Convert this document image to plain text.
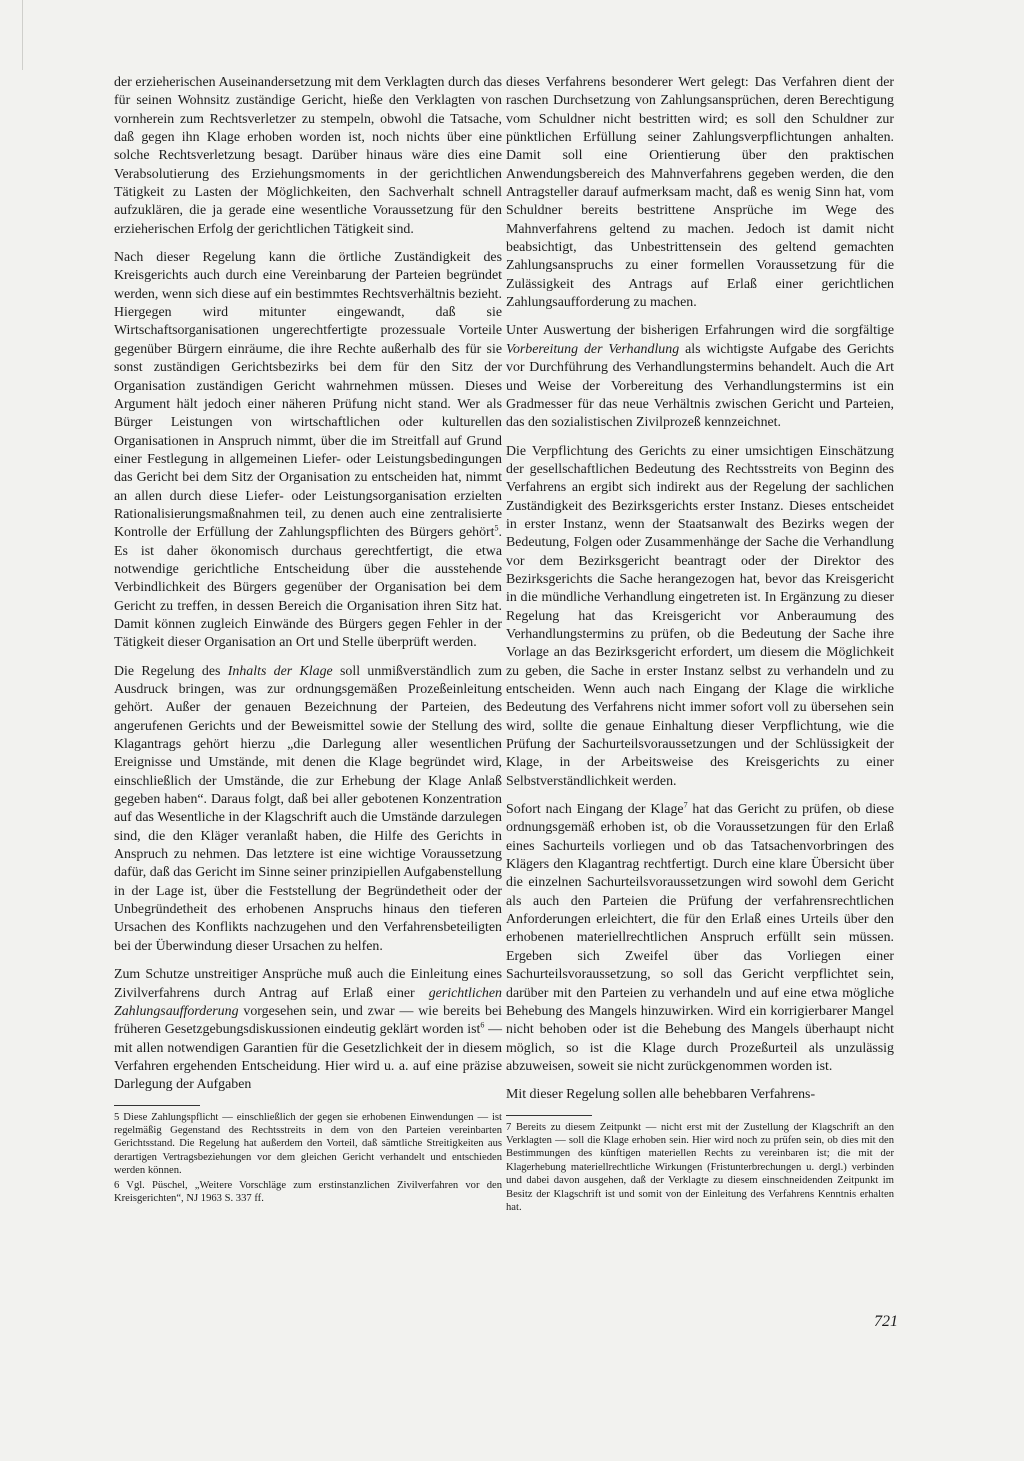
der erzieherischen Auseinandersetzung mit dem Verklagten durch das für seinen Wohnsitz zuständige Gericht, hieße den Verklagten von vornherein zum Rechtsverletzer zu stempeln, obwohl die Tatsache, daß gegen ihn Klage erhoben worden ist, noch nichts über eine solche Rechtsverletzung besagt. Darüber hinaus wäre dies eine Verabsolutierung des Erziehungsmoments in der gerichtlichen Tätigkeit zu Lasten der Möglichkeiten, den Sachverhalt schnell aufzuklären, die ja gerade eine wesentliche Voraussetzung für den erzieherischen Erfolg der gerichtlichen Tätigkeit sind.

Nach dieser Regelung kann die örtliche Zuständigkeit des Kreisgerichts auch durch eine Vereinbarung der Parteien begründet werden, wenn sich diese auf ein bestimmtes Rechtsverhältnis bezieht. Hiergegen wird mitunter eingewandt, daß sie Wirtschaftsorganisationen ungerechtfertigte prozessuale Vorteile gegenüber Bürgern einräume, die ihre Rechte außerhalb des für sie sonst zuständigen Gerichtsbezirks bei dem für den Sitz der Organisation zuständigen Gericht wahrnehmen müssen. Dieses Argument hält jedoch einer näheren Prüfung nicht stand. Wer als Bürger Leistungen von wirtschaftlichen oder kulturellen Organisationen in Anspruch nimmt, über die im Streitfall auf Grund einer Festlegung in allgemeinen Liefer- oder Leistungsbedingungen das Gericht bei dem Sitz der Organisation zu entscheiden hat, nimmt an allen durch diese Liefer- oder Leistungsorganisation erzielten Rationalisierungsmaßnahmen teil, zu denen auch eine zentralisierte Kontrolle der Erfüllung der Zahlungspflichten des Bürgers gehört$^5$. Es ist daher ökonomisch durchaus gerechtfertigt, die etwa notwendige gerichtliche Entscheidung über die ausstehende Verbindlichkeit des Bürgers gegenüber der Organisation bei dem Gericht zu treffen, in dessen Bereich die Organisation ihren Sitz hat. Damit können zugleich Einwände des Bürgers gegen Fehler in der Tätigkeit dieser Organisation an Ort und Stelle überprüft werden.

Die Regelung des Inhalts der Klage soll unmißverständlich zum Ausdruck bringen, was zur ordnungsgemäßen Prozeßeinleitung gehört. Außer der genauen Bezeichnung der Parteien, des angerufenen Gerichts und der Beweismittel sowie der Stellung des Klagantrags gehört hierzu „die Darlegung aller wesentlichen Ereignisse und Umstände, mit denen die Klage begründet wird, einschließlich der Umstände, die zur Erhebung der Klage Anlaß gegeben haben“. Daraus folgt, daß bei aller gebotenen Konzentration auf das Wesentliche in der Klagschrift auch die Umstände darzulegen sind, die den Kläger veranlaßt haben, die Hilfe des Gerichts in Anspruch zu nehmen. Das letztere ist eine wichtige Voraussetzung dafür, daß das Gericht im Sinne seiner prinzipiellen Aufgabenstellung in der Lage ist, über die Feststellung der Begründetheit oder der Unbegründetheit des erhobenen Anspruchs hinaus den tieferen Ursachen des Konflikts nachzugehen und den Verfahrensbeteiligten bei der Überwindung dieser Ursachen zu helfen.

Zum Schutze unstreitiger Ansprüche muß auch die Einleitung eines Zivilverfahrens durch Antrag auf Erlaß einer gerichtlichen Zahlungsaufforderung vorgesehen sein, und zwar — wie bereits bei früheren Gesetzgebungsdiskussionen eindeutig geklärt worden ist$^6$ — mit allen notwendigen Garantien für die Gesetzlichkeit der in diesem Verfahren ergehenden Entscheidung. Hier wird u. a. auf eine präzise Darlegung der Aufgaben

5 Diese Zahlungspflicht — einschließlich der gegen sie erhobenen Einwendungen — ist regelmäßig Gegenstand des Rechtsstreits in dem von den Parteien vereinbarten Gerichtsstand. Die Regelung hat außerdem den Vorteil, daß sämtliche Streitigkeiten aus derartigen Vertragsbeziehungen vor dem gleichen Gericht verhandelt und entschieden werden können.

6 Vgl. Püschel, „Weitere Vorschläge zum erstinstanzlichen Zivilverfahren vor den Kreisgerichten“, NJ 1963 S. 337 ff.

dieses Verfahrens besonderer Wert gelegt: Das Verfahren dient der raschen Durchsetzung von Zahlungsansprüchen, deren Berechtigung vom Schuldner nicht bestritten wird; es soll den Schuldner zur pünktlichen Erfüllung seiner Zahlungsverpflichtungen anhalten. Damit soll eine Orientierung über den praktischen Anwendungsbereich des Mahnverfahrens gegeben werden, die den Antragsteller darauf aufmerksam macht, daß es wenig Sinn hat, vom Schuldner bereits bestrittene Ansprüche im Wege des Mahnverfahrens geltend zu machen. Jedoch ist damit nicht beabsichtigt, das Unbestrittensein des geltend gemachten Zahlungsanspruchs zu einer formellen Voraussetzung für die Zulässigkeit des Antrags auf Erlaß einer gerichtlichen Zahlungsaufforderung zu machen.

Unter Auswertung der bisherigen Erfahrungen wird die sorgfältige Vorbereitung der Verhandlung als wichtigste Aufgabe des Gerichts vor Durchführung des Verhandlungstermins behandelt. Auch die Art und Weise der Vorbereitung des Verhandlungstermins ist ein Gradmesser für das neue Verhältnis zwischen Gericht und Parteien, das den sozialistischen Zivilprozeß kennzeichnet.

Die Verpflichtung des Gerichts zu einer umsichtigen Einschätzung der gesellschaftlichen Bedeutung des Rechtsstreits von Beginn des Verfahrens an ergibt sich indirekt aus der Regelung der sachlichen Zuständigkeit des Bezirksgerichts erster Instanz. Dieses entscheidet in erster Instanz, wenn der Staatsanwalt des Bezirks wegen der Bedeutung, Folgen oder Zusammenhänge der Sache die Verhandlung vor dem Bezirksgericht beantragt oder der Direktor des Bezirksgerichts die Sache herangezogen hat, bevor das Kreisgericht in die mündliche Verhandlung eingetreten ist. In Ergänzung zu dieser Regelung hat das Kreisgericht vor Anberaumung des Verhandlungstermins zu prüfen, ob die Bedeutung der Sache ihre Vorlage an das Bezirksgericht erfordert, um diesem die Möglichkeit zu geben, die Sache in erster Instanz selbst zu verhandeln und zu entscheiden. Wenn auch nach Eingang der Klage die wirkliche Bedeutung des Verfahrens nicht immer sofort voll zu übersehen sein wird, sollte die genaue Einhaltung dieser Verpflichtung, wie die Prüfung der Sachurteilsvoraussetzungen und der Schlüssigkeit der Klage, in der Arbeitsweise des Kreisgerichts zu einer Selbstverständlichkeit werden.

Sofort nach Eingang der Klage$^7$ hat das Gericht zu prüfen, ob diese ordnungsgemäß erhoben ist, ob die Voraussetzungen für den Erlaß eines Sachurteils vorliegen und ob das Tatsachenvorbringen des Klägers den Klagantrag rechtfertigt. Durch eine klare Übersicht über die einzelnen Sachurteilsvoraussetzungen wird sowohl dem Gericht als auch den Parteien die Prüfung der verfahrensrechtlichen Anforderungen erleichtert, die für den Erlaß eines Urteils über den erhobenen materiellrechtlichen Anspruch erfüllt sein müssen. Ergeben sich Zweifel über das Vorliegen einer Sachurteilsvoraussetzung, so soll das Gericht verpflichtet sein, darüber mit den Parteien zu verhandeln und auf eine etwa mögliche Behebung des Mangels hinzuwirken. Wird ein korrigierbarer Mangel nicht behoben oder ist die Behebung des Mangels überhaupt nicht möglich, so ist die Klage durch Prozeßurteil als unzulässig abzuweisen, soweit sie nicht zurückgenommen worden ist.

Mit dieser Regelung sollen alle behebbaren Verfahrens-

7 Bereits zu diesem Zeitpunkt — nicht erst mit der Zustellung der Klagschrift an den Verklagten — soll die Klage erhoben sein. Hier wird noch zu prüfen sein, ob dies mit den Bestimmungen des künftigen materiellen Rechts zu vereinbaren ist; die mit der Klagerhebung materiellrechtliche Wirkungen (Fristunterbrechungen u. dergl.) verbinden und dabei davon ausgehen, daß der Verklagte zu diesem einschneidenden Zeitpunkt im Besitz der Klagschrift ist und somit von der Einleitung des Verfahrens Kenntnis erhalten hat.

721
